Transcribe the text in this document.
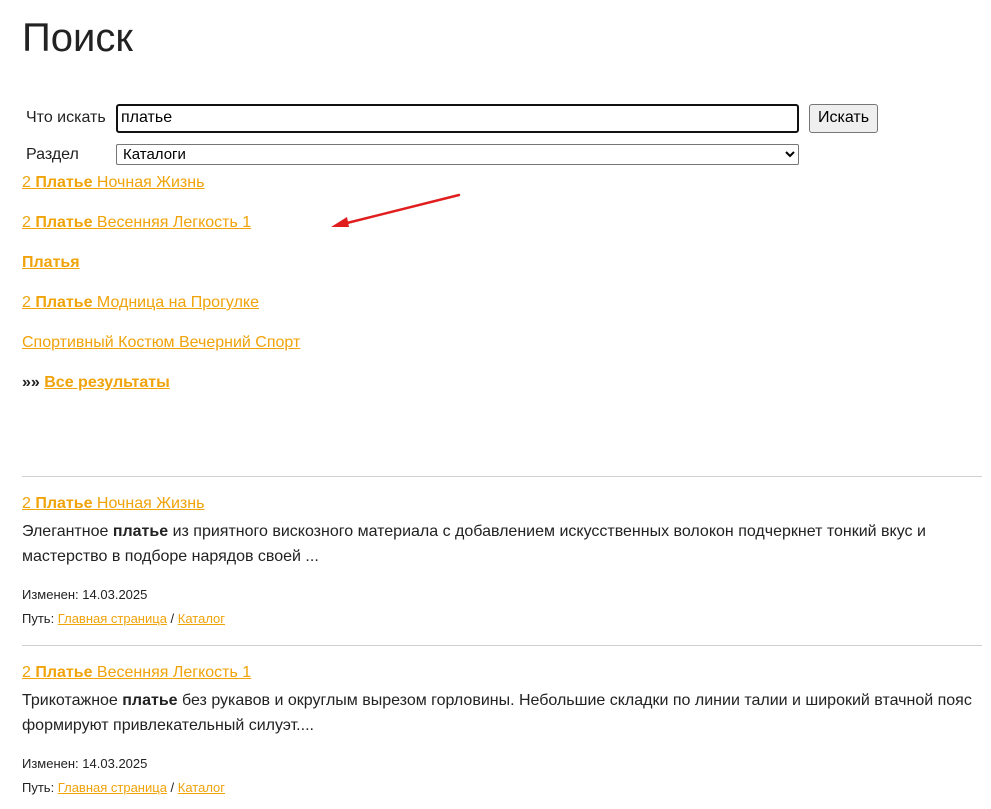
Поиск
Что искать
платье	Искать
Раздел
Каталоги
2 Платье Ночная Жизнь
2 Платье Весенняя Легкость 1
Платья
2 Платье Модница на Прогулке
Спортивный Костюм Вечерний Спорт
»» Все результаты
2 Платье Ночная Жизнь

Элегантное платье из приятного вискозного материала с добавлением искусственных волокон подчеркнет тонкий вкус и мастерство в подборе нарядов своей ...

Изменен: 14.03.2025
Путь: Главная страница / Каталог
2 Платье Весенняя Легкость 1

Трикотажное платье без рукавов и округлым вырезом горловины. Небольшие складки по линии талии и широкий втачной пояс формируют привлекательный силуэт....

Изменен: 14.03.2025
Путь: Главная страница / Каталог
